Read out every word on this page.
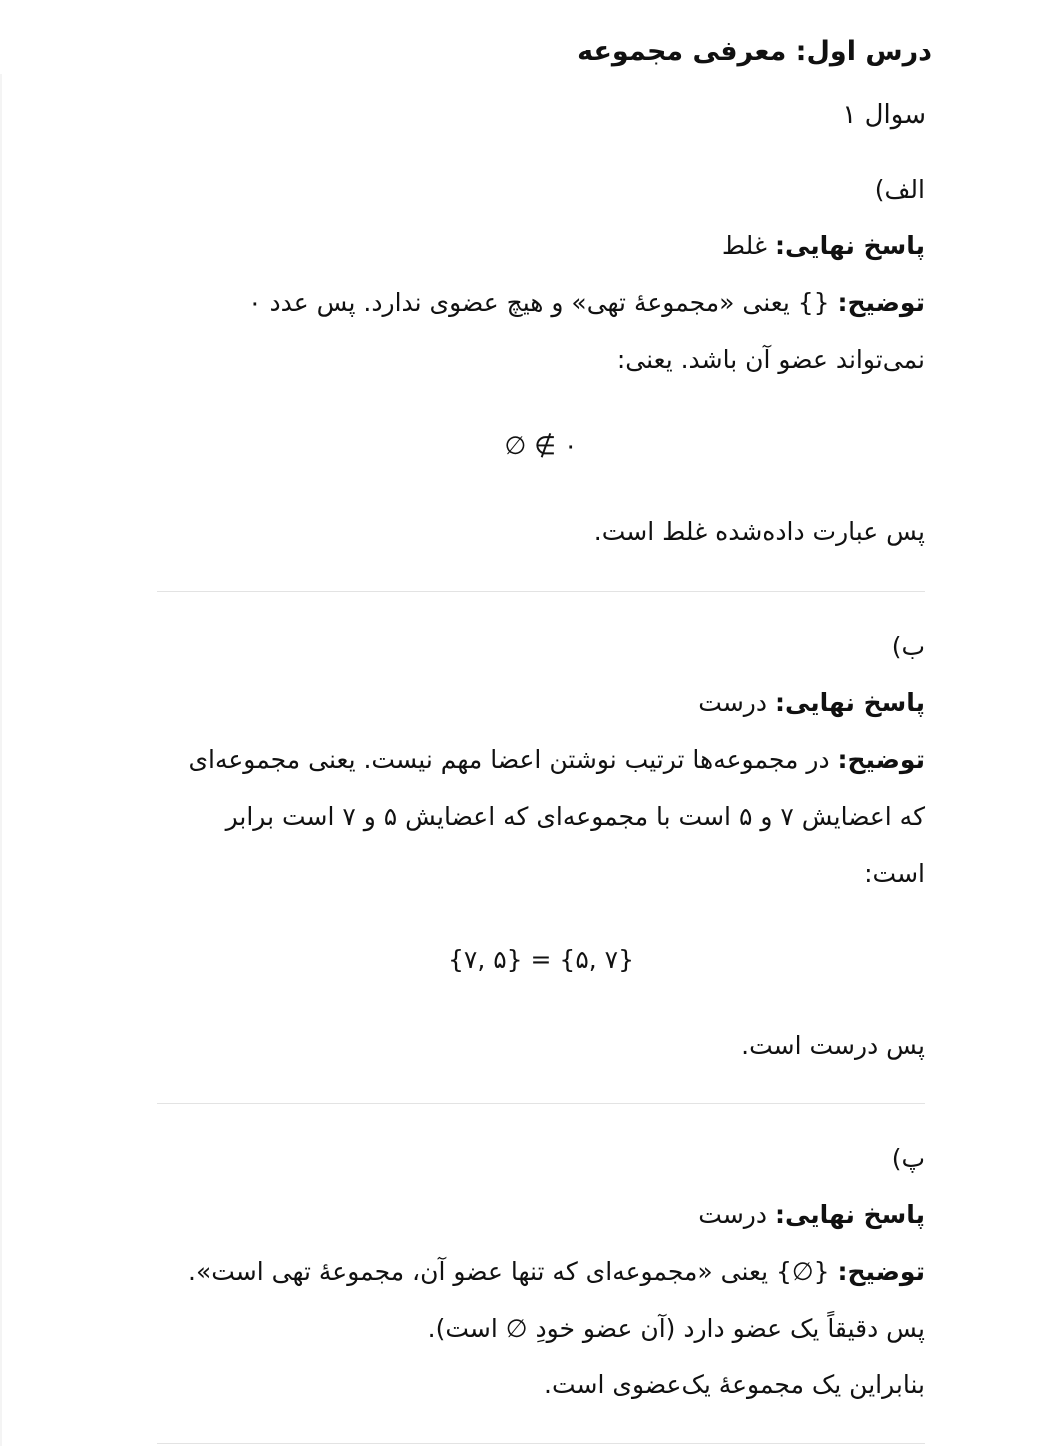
درس اول: معرفی مجموعه
سوال ۱
الف)
پاسخ نهایی: غلط
توضیح: {} یعنی «مجموعهٔ تهی» و هیچ عضوی ندارد. پس عدد ۰ نمی‌تواند عضو آن باشد. یعنی:
∅ ∉ ۰
پس عبارت داده‌شده غلط است.
ب)
پاسخ نهایی: درست
توضیح: در مجموعه‌ها ترتیب نوشتن اعضا مهم نیست. یعنی مجموعه‌ای که اعضایش ۷ و ۵ است با مجموعه‌ای که اعضایش ۵ و ۷ است برابر است:
{۷, ۵} = {۵, ۷}
پس درست است.
پ)
پاسخ نهایی: درست
توضیح: {∅} یعنی «مجموعه‌ای که تنها عضو آن، مجموعهٔ تهی است». پس دقیقاً یک عضو دارد (آن عضو خودِ ∅ است).
بنابراین یک مجموعهٔ یک‌عضوی است.
